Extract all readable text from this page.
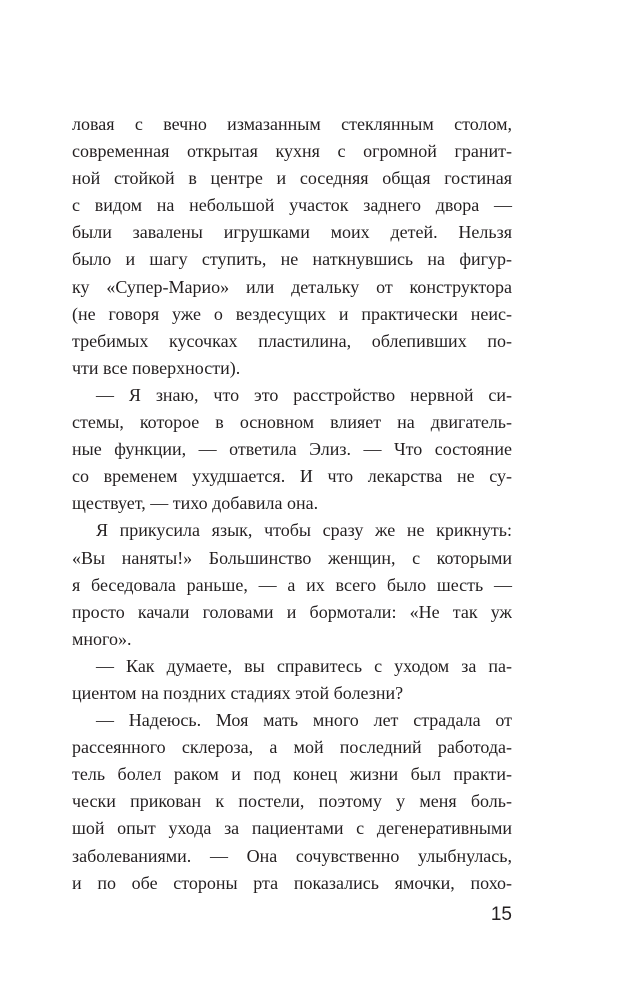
ловая с вечно измазанным стеклянным столом,
современная открытая кухня с огромной гранит-
ной стойкой в центре и соседняя общая гостиная
с видом на небольшой участок заднего двора —
были завалены игрушками моих детей. Нельзя
было и шагу ступить, не наткнувшись на фигур-
ку «Супер-Марио» или детальку от конструктора
(не говоря уже о вездесущих и практически неис-
требимых кусочках пластилина, облепивших по-
чти все поверхности).
— Я знаю, что это расстройство нервной си-
стемы, которое в основном влияет на двигатель-
ные функции, — ответила Элиз. — Что состояние
со временем ухудшается. И что лекарства не су-
ществует, — тихо добавила она.
Я прикусила язык, чтобы сразу же не крикнуть:
«Вы наняты!» Большинство женщин, с которыми
я беседовала раньше, — а их всего было шесть —
просто качали головами и бормотали: «Не так уж
много».
— Как думаете, вы справитесь с уходом за па-
циентом на поздних стадиях этой болезни?
— Надеюсь. Моя мать много лет страдала от
рассеянного склероза, а мой последний работода-
тель болел раком и под конец жизни был практи-
чески прикован к постели, поэтому у меня боль-
шой опыт ухода за пациентами с дегенеративными
заболеваниями. — Она сочувственно улыбнулась,
и по обе стороны рта показались ямочки, похо-
15
